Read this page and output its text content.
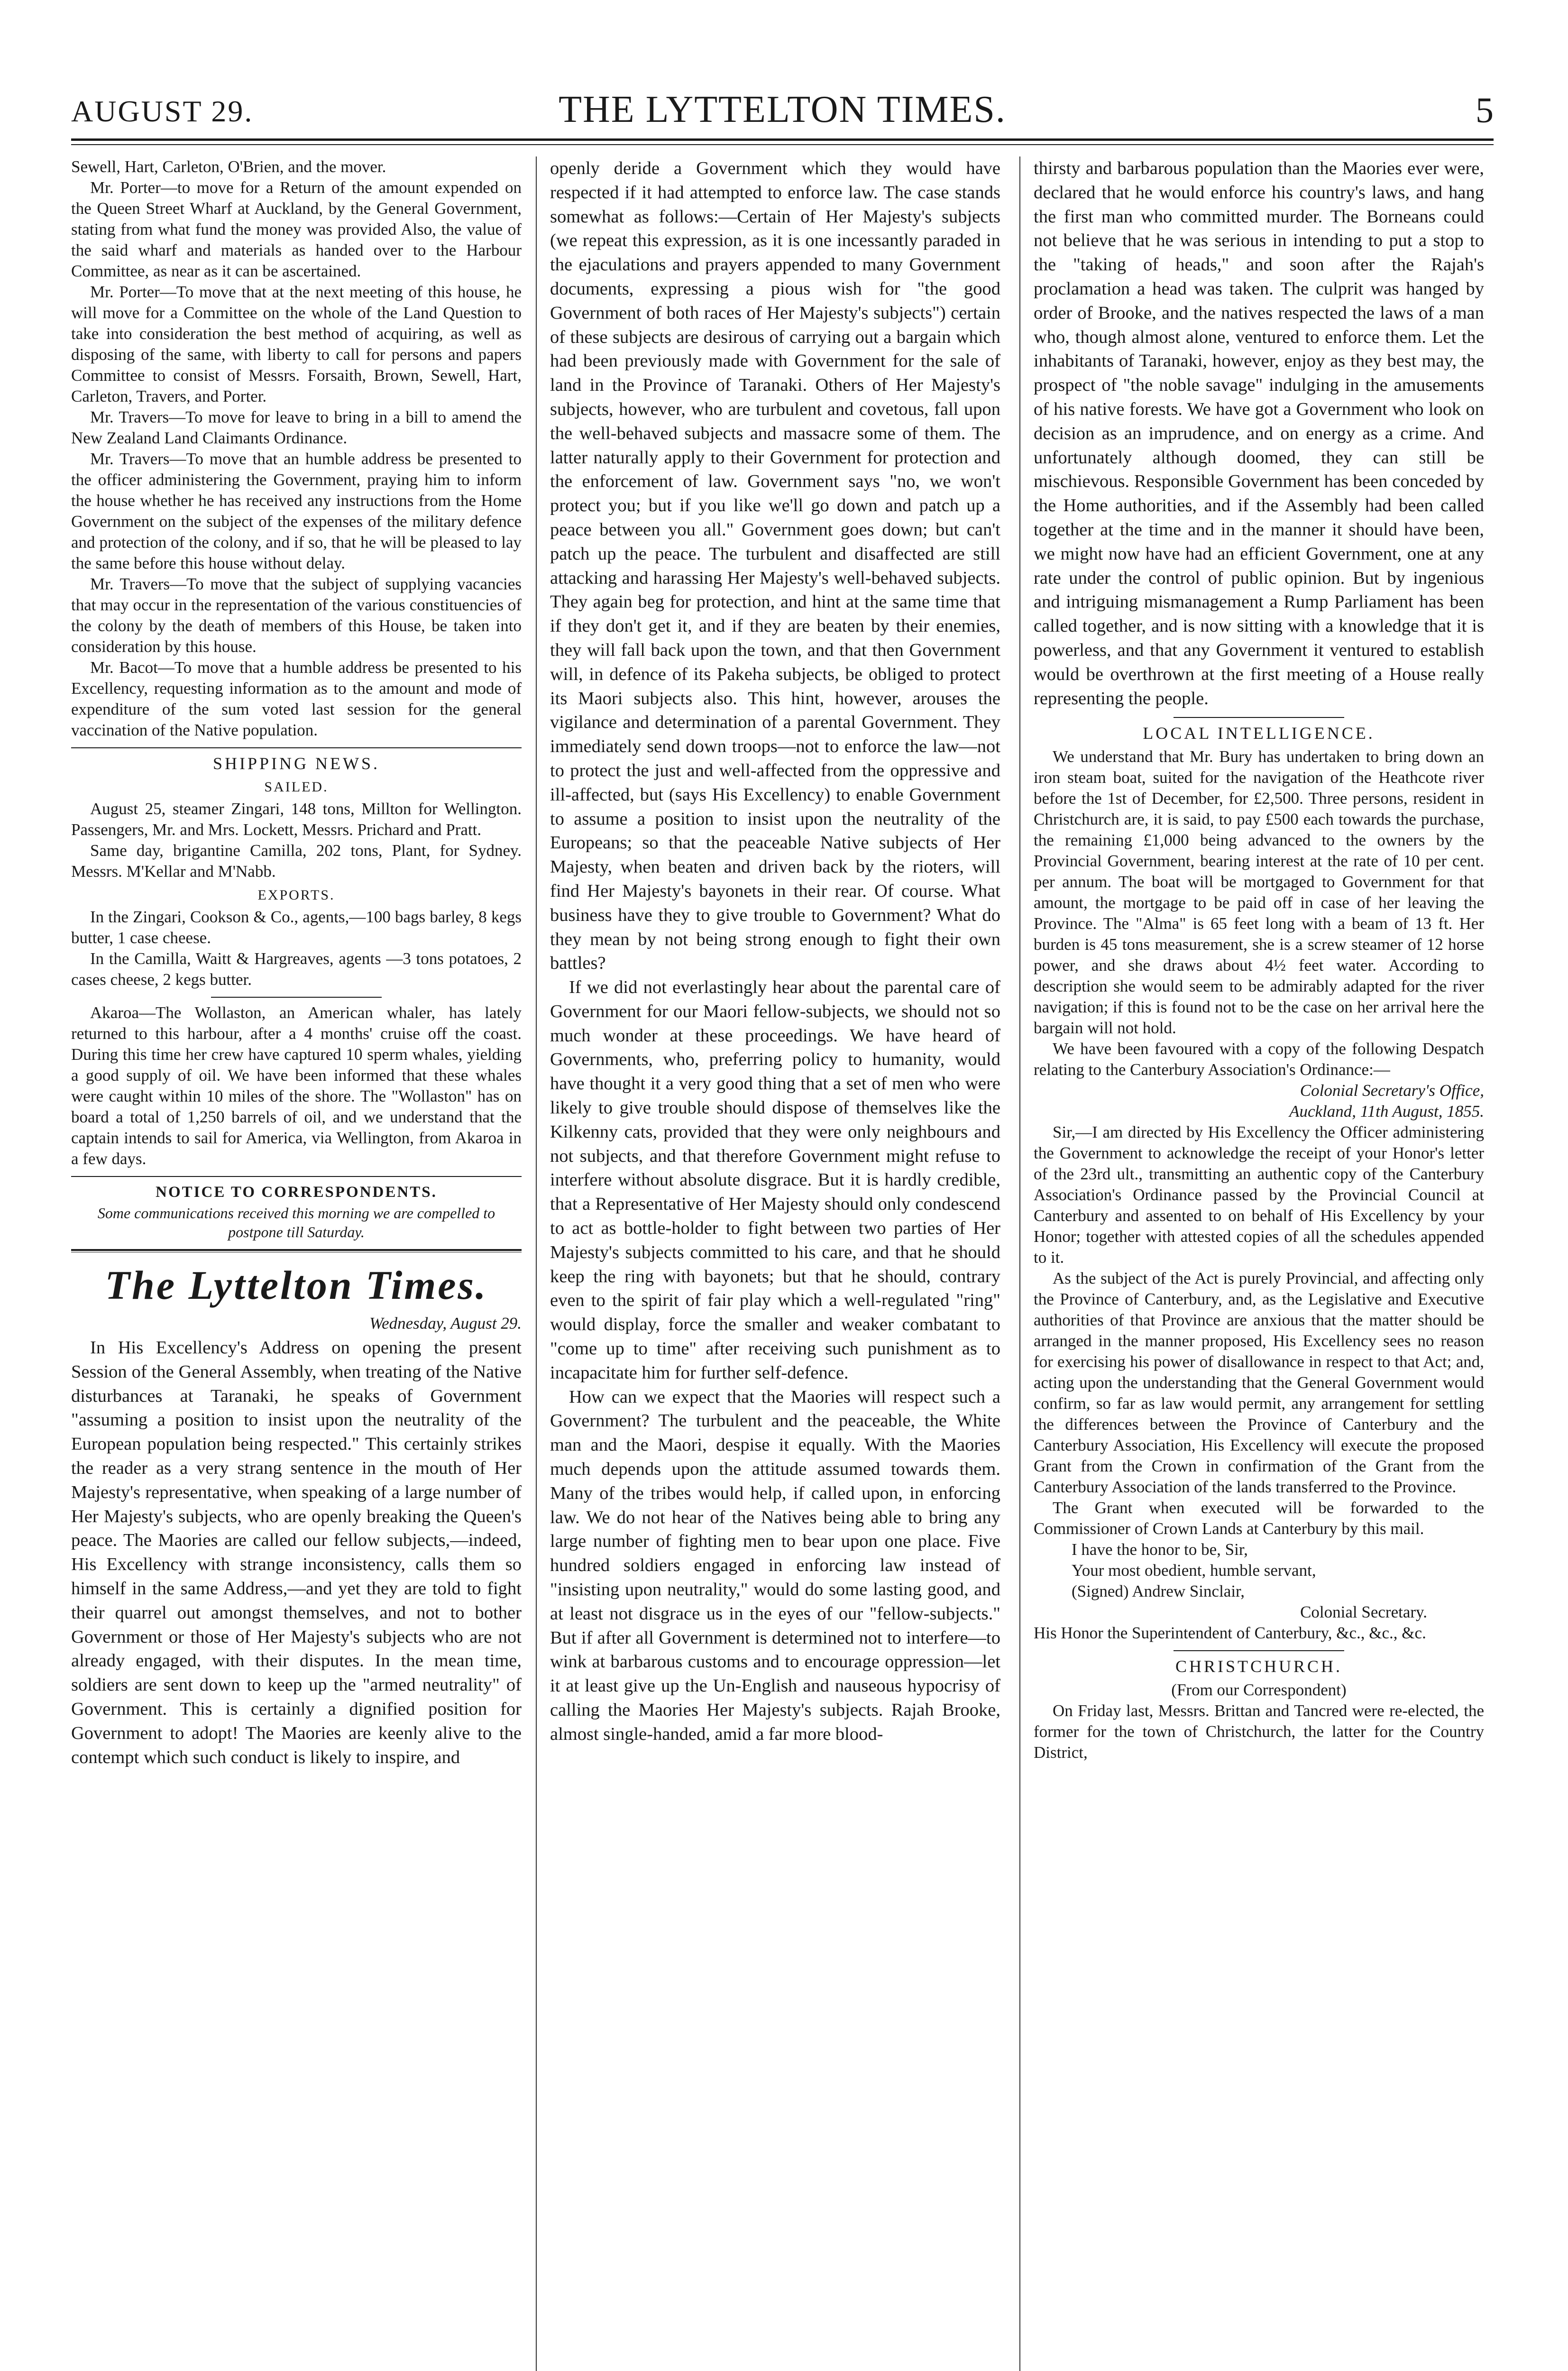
AUGUST 29.	THE LYTTELTON TIMES.	5

Sewell, Hart, Carleton, O'Brien, and the mover.

Mr. Porter—to move for a Return of the amount expended on the Queen Street Wharf at Auckland, by the General Government, stating from what fund the money was provided Also, the value of the said wharf and materials as handed over to the Harbour Committee, as near as it can be ascertained.

Mr. Porter—To move that at the next meeting of this house, he will move for a Committee on the whole of the Land Question to take into consideration the best method of acquiring, as well as disposing of the same, with liberty to call for persons and papers Committee to consist of Messrs. Forsaith, Brown, Sewell, Hart, Carleton, Travers, and Porter.

Mr. Travers—To move for leave to bring in a bill to amend the New Zealand Land Claimants Ordinance.

Mr. Travers—To move that an humble address be presented to the officer administering the Government, praying him to inform the house whether he has received any instructions from the Home Government on the subject of the expenses of the military defence and protection of the colony, and if so, that he will be pleased to lay the same before this house without delay.

Mr. Travers—To move that the subject of supplying vacancies that may occur in the representation of the various constituencies of the colony by the death of members of this House, be taken into consideration by this house.

Mr. Bacot—To move that a humble address be presented to his Excellency, requesting information as to the amount and mode of expenditure of the sum voted last session for the general vaccination of the Native population.

SHIPPING NEWS.

SAILED.

August 25, steamer Zingari, 148 tons, Millton for Wellington. Passengers, Mr. and Mrs. Lockett, Messrs. Prichard and Pratt.

Same day, brigantine Camilla, 202 tons, Plant, for Sydney. Messrs. M'Kellar and M'Nabb.

EXPORTS.

In the Zingari, Cookson & Co., agents,—100 bags barley, 8 kegs butter, 1 case cheese.

In the Camilla, Waitt & Hargreaves, agents —3 tons potatoes, 2 cases cheese, 2 kegs butter.

Akaroa—The Wollaston, an American whaler, has lately returned to this harbour, after a 4 months' cruise off the coast. During this time her crew have captured 10 sperm whales, yielding a good supply of oil. We have been informed that these whales were caught within 10 miles of the shore. The "Wollaston" has on board a total of 1,250 barrels of oil, and we understand that the captain intends to sail for America, via Wellington, from Akaroa in a few days.

NOTICE TO CORRESPONDENTS.

Some communications received this morning we are compelled to postpone till Saturday.

The Lyttelton Times.

Wednesday, August 29.

In His Excellency's Address on opening the present Session of the General Assembly, when treating of the Native disturbances at Taranaki, he speaks of Government "assuming a position to insist upon the neutrality of the European population being respected." This certainly strikes the reader as a very strang sentence in the mouth of Her Majesty's representative, when speaking of a large number of Her Majesty's subjects, who are openly breaking the Queen's peace. The Maories are called our fellow subjects,—indeed, His Excellency with strange inconsistency, calls them so himself in the same Address,—and yet they are told to fight their quarrel out amongst themselves, and not to bother Government or those of Her Majesty's subjects who are not already engaged, with their disputes. In the mean time, soldiers are sent down to keep up the "armed neutrality" of Government. This is certainly a dignified position for Government to adopt! The Maories are keenly alive to the contempt which such conduct is likely to inspire, and

openly deride a Government which they would have respected if it had attempted to enforce law. The case stands somewhat as follows:—Certain of Her Majesty's subjects (we repeat this expression, as it is one incessantly paraded in the ejaculations and prayers appended to many Government documents, expressing a pious wish for "the good Government of both races of Her Majesty's subjects") certain of these subjects are desirous of carrying out a bargain which had been previously made with Government for the sale of land in the Province of Taranaki. Others of Her Majesty's subjects, however, who are turbulent and covetous, fall upon the well-behaved subjects and massacre some of them. The latter naturally apply to their Government for protection and the enforcement of law. Government says "no, we won't protect you; but if you like we'll go down and patch up a peace between you all." Government goes down; but can't patch up the peace. The turbulent and disaffected are still attacking and harassing Her Majesty's well-behaved subjects. They again beg for protection, and hint at the same time that if they don't get it, and if they are beaten by their enemies, they will fall back upon the town, and that then Government will, in defence of its Pakeha subjects, be obliged to protect its Maori subjects also. This hint, however, arouses the vigilance and determination of a parental Government. They immediately send down troops—not to enforce the law—not to protect the just and well-affected from the oppressive and ill-affected, but (says His Excellency) to enable Government to assume a position to insist upon the neutrality of the Europeans; so that the peaceable Native subjects of Her Majesty, when beaten and driven back by the rioters, will find Her Majesty's bayonets in their rear. Of course. What business have they to give trouble to Government? What do they mean by not being strong enough to fight their own battles?

If we did not everlastingly hear about the parental care of Government for our Maori fellow-subjects, we should not so much wonder at these proceedings. We have heard of Governments, who, preferring policy to humanity, would have thought it a very good thing that a set of men who were likely to give trouble should dispose of themselves like the Kilkenny cats, provided that they were only neighbours and not subjects, and that therefore Government might refuse to interfere without absolute disgrace. But it is hardly credible, that a Representative of Her Majesty should only condescend to act as bottle-holder to fight between two parties of Her Majesty's subjects committed to his care, and that he should keep the ring with bayonets; but that he should, contrary even to the spirit of fair play which a well-regulated "ring" would display, force the smaller and weaker combatant to "come up to time" after receiving such punishment as to incapacitate him for further self-defence.

How can we expect that the Maories will respect such a Government? The turbulent and the peaceable, the White man and the Maori, despise it equally. With the Maories much depends upon the attitude assumed towards them. Many of the tribes would help, if called upon, in enforcing law. We do not hear of the Natives being able to bring any large number of fighting men to bear upon one place. Five hundred soldiers engaged in enforcing law instead of "insisting upon neutrality," would do some lasting good, and at least not disgrace us in the eyes of our "fellow-subjects." But if after all Government is determined not to interfere—to wink at barbarous customs and to encourage oppression—let it at least give up the Un-English and nauseous hypocrisy of calling the Maories Her Majesty's subjects. Rajah Brooke, almost single-handed, amid a far more blood-

thirsty and barbarous population than the Maories ever were, declared that he would enforce his country's laws, and hang the first man who committed murder. The Borneans could not believe that he was serious in intending to put a stop to the "taking of heads," and soon after the Rajah's proclamation a head was taken. The culprit was hanged by order of Brooke, and the natives respected the laws of a man who, though almost alone, ventured to enforce them. Let the inhabitants of Taranaki, however, enjoy as they best may, the prospect of "the noble savage" indulging in the amusements of his native forests. We have got a Government who look on decision as an imprudence, and on energy as a crime. And unfortunately although doomed, they can still be mischievous. Responsible Government has been conceded by the Home authorities, and if the Assembly had been called together at the time and in the manner it should have been, we might now have had an efficient Government, one at any rate under the control of public opinion. But by ingenious and intriguing mismanagement a Rump Parliament has been called together, and is now sitting with a knowledge that it is powerless, and that any Government it ventured to establish would be overthrown at the first meeting of a House really representing the people.

LOCAL INTELLIGENCE.

We understand that Mr. Bury has undertaken to bring down an iron steam boat, suited for the navigation of the Heathcote river before the 1st of December, for £2,500. Three persons, resident in Christchurch are, it is said, to pay £500 each towards the purchase, the remaining £1,000 being advanced to the owners by the Provincial Government, bearing interest at the rate of 10 per cent. per annum. The boat will be mortgaged to Government for that amount, the mortgage to be paid off in case of her leaving the Province. The "Alma" is 65 feet long with a beam of 13 ft. Her burden is 45 tons measurement, she is a screw steamer of 12 horse power, and she draws about 4½ feet water. According to description she would seem to be admirably adapted for the river navigation; if this is found not to be the case on her arrival here the bargain will not hold.

We have been favoured with a copy of the following Despatch relating to the Canterbury Association's Ordinance:—

Colonial Secretary's Office,

Auckland, 11th August, 1855.

Sir,—I am directed by His Excellency the Officer administering the Government to acknowledge the receipt of your Honor's letter of the 23rd ult., transmitting an authentic copy of the Canterbury Association's Ordinance passed by the Provincial Council at Canterbury and assented to on behalf of His Excellency by your Honor; together with attested copies of all the schedules appended to it.

As the subject of the Act is purely Provincial, and affecting only the Province of Canterbury, and, as the Legislative and Executive authorities of that Province are anxious that the matter should be arranged in the manner proposed, His Excellency sees no reason for exercising his power of disallowance in respect to that Act; and, acting upon the understanding that the General Government would confirm, so far as law would permit, any arrangement for settling the differences between the Province of Canterbury and the Canterbury Association, His Excellency will execute the proposed Grant from the Crown in confirmation of the Grant from the Canterbury Association of the lands transferred to the Province.

The Grant when executed will be forwarded to the Commissioner of Crown Lands at Canterbury by this mail.

I have the honor to be, Sir,

Your most obedient, humble servant,

(Signed) Andrew Sinclair,

Colonial Secretary.

His Honor the Superintendent of Canterbury, &c., &c., &c.

CHRISTCHURCH.

(From our Correspondent)

On Friday last, Messrs. Brittan and Tancred were re-elected, the former for the town of Christchurch, the latter for the Country District,
